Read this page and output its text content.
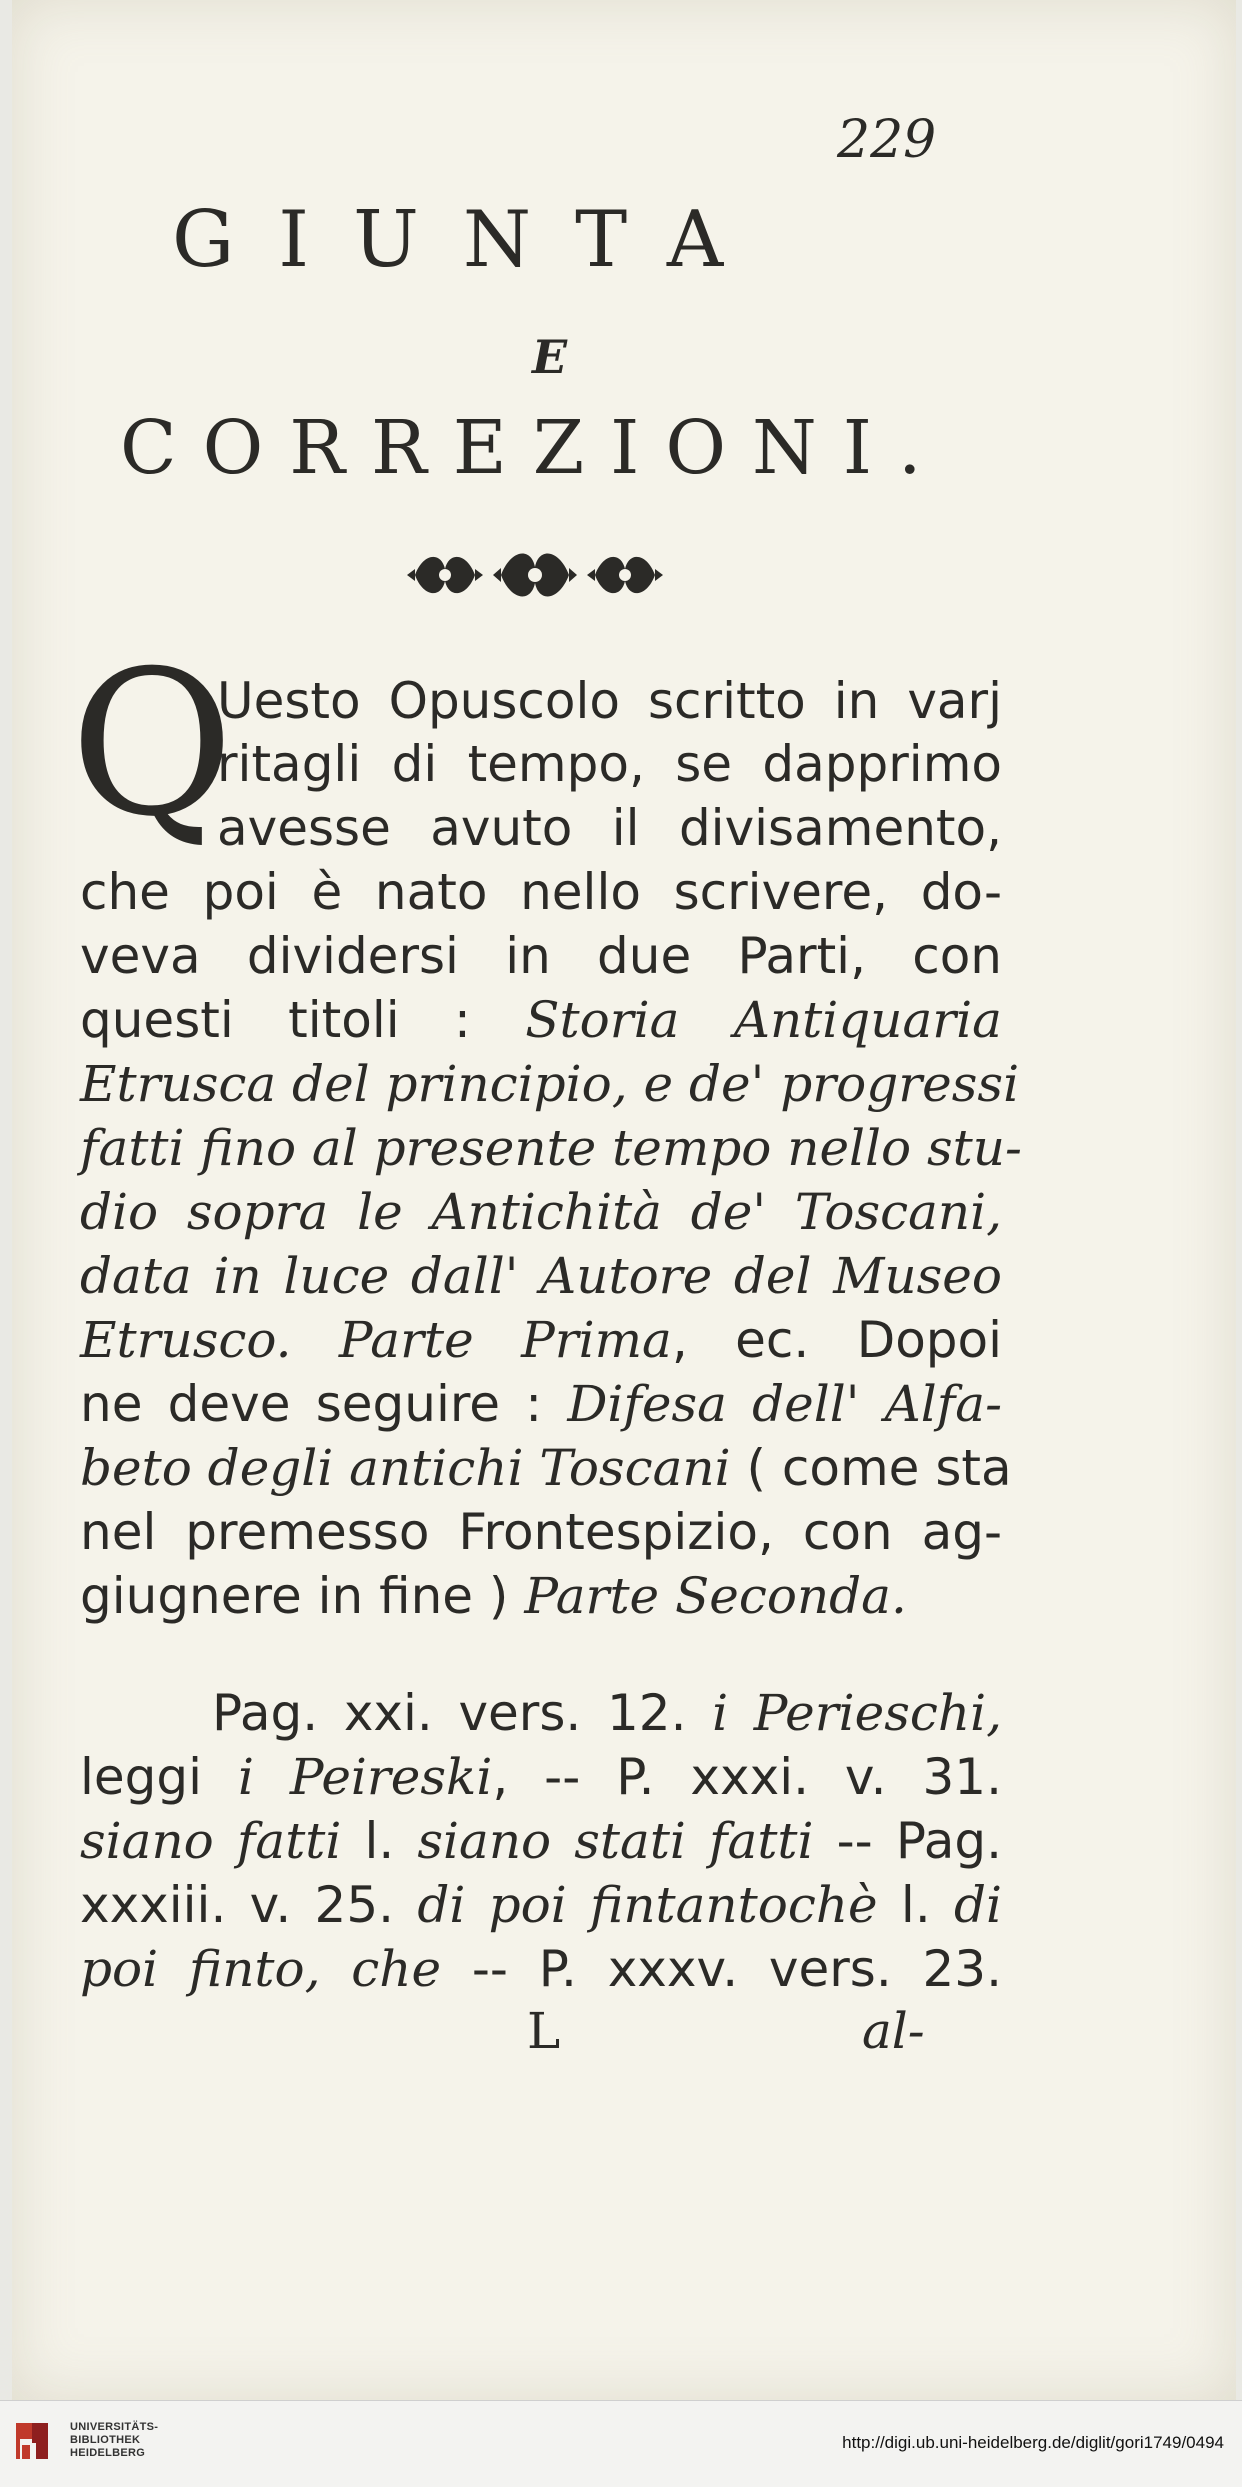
229
GIUNTA
E
CORREZIONI.
Q
Uesto Opuscolo scritto in varj
ritagli di tempo, se dapprimo
avesse avuto il divisamento,
che poi è nato nello scrivere, do-
veva dividersi in due Parti, con
questi titoli : Storia Antiquaria
Etrusca del principio, e de' progressi
fatti fino al presente tempo nello stu-
dio sopra le Antichità de' Toscani,
data in luce dall' Autore del Museo
Etrusco. Parte Prima, ec. Dopoi
ne deve seguire : Difesa dell' Alfa-
beto degli antichi Toscani ( come sta
nel premesso Frontespizio, con ag-
giugnere in fine ) Parte Seconda.
Pag. xxi. vers. 12. i Perieschi,
leggi i Peireski, -- P. xxxi. v. 31.
siano fatti l. siano stati fatti -- Pag.
xxxiii. v. 25. di poi fintantochè l. di
poi finto, che -- P. xxxv. vers. 23.
L	al-
UNIVERSITÄTS-
BIBLIOTHEK
HEIDELBERG
http://digi.ub.uni-heidelberg.de/diglit/gori1749/0494
